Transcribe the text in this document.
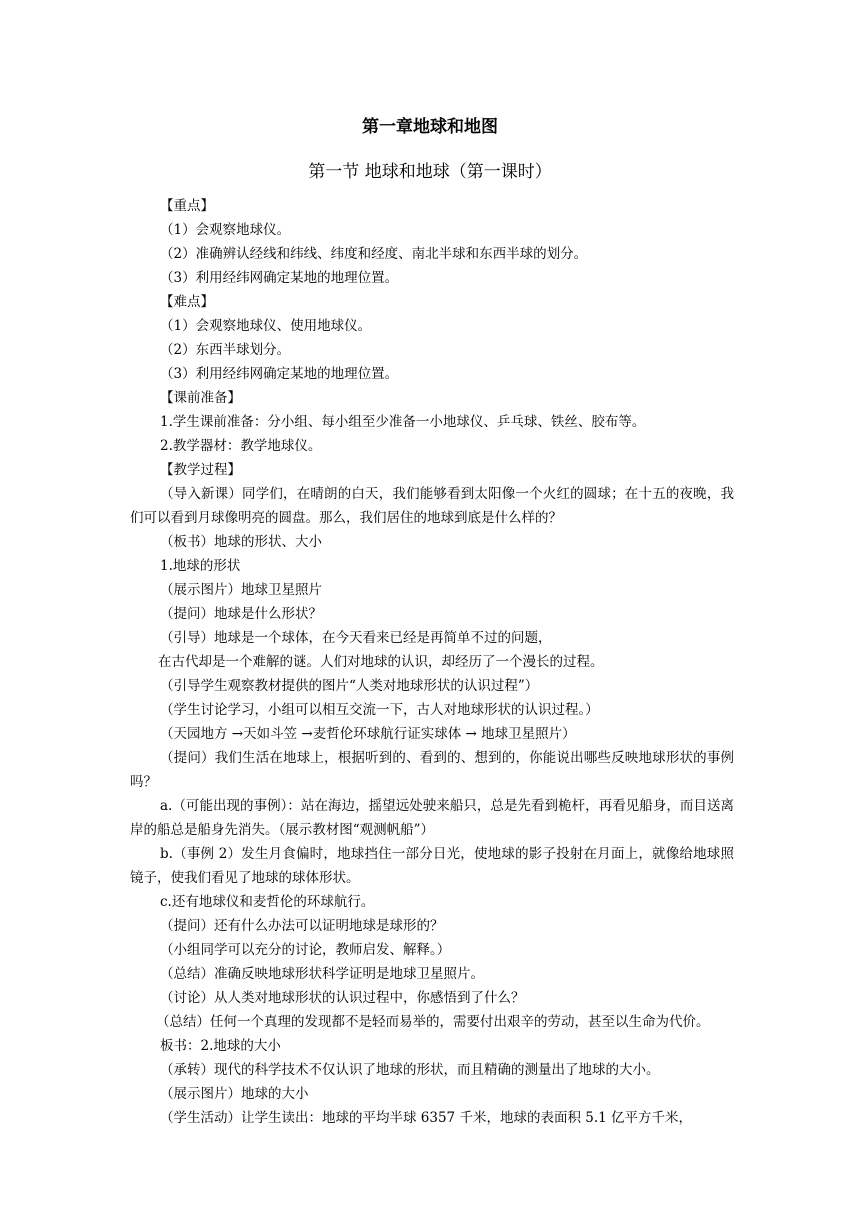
第一章地球和地图
第一节 地球和地球（第一课时）

【重点】

（1）会观察地球仪。

（2）准确辨认经线和纬线、纬度和经度、南北半球和东西半球的划分。

（3）利用经纬网确定某地的地理位置。

【难点】

（1）会观察地球仪、使用地球仪。

（2）东西半球划分。

（3）利用经纬网确定某地的地理位置。

【课前准备】

1.学生课前准备：分小组、每小组至少准备一小地球仪、乒乓球、铁丝、胶布等。

2.教学器材：教学地球仪。

【教学过程】

（导入新课）同学们，在晴朗的白天，我们能够看到太阳像一个火红的圆球；在十五的夜晚，我们可以看到月球像明亮的圆盘。那么，我们居住的地球到底是什么样的？

（板书）地球的形状、大小

1.地球的形状

（展示图片）地球卫星照片

（提问）地球是什么形状？

（引导）地球是一个球体，在今天看来已经是再简单不过的问题，

在古代却是一个难解的谜。人们对地球的认识，却经历了一个漫长的过程。

（引导学生观察教材提供的图片“人类对地球形状的认识过程”）

（学生讨论学习，小组可以相互交流一下，古人对地球形状的认识过程。）

（天园地方 →天如斗笠 →麦哲伦环球航行证实球体 → 地球卫星照片）

（提问）我们生活在地球上，根据听到的、看到的、想到的，你能说出哪些反映地球形状的事例吗？

a.（可能出现的事例）：站在海边，摇望远处驶来船只，总是先看到桅杆，再看见船身，而目送离岸的船总是船身先消失。（展示教材图“观测帆船”）

b.（事例 2）发生月食偏时，地球挡住一部分日光，使地球的影子投射在月面上，就像给地球照镜子，使我们看见了地球的球体形状。

c.还有地球仪和麦哲伦的环球航行。

（提问）还有什么办法可以证明地球是球形的？

（小组同学可以充分的讨论，教师启发、解释。）

（总结）准确反映地球形状科学证明是地球卫星照片。

（讨论）从人类对地球形状的认识过程中，你感悟到了什么？

（总结）任何一个真理的发现都不是轻而易举的，需要付出艰辛的劳动，甚至以生命为代价。

板书：2.地球的大小

（承转）现代的科学技术不仅认识了地球的形状，而且精确的测量出了地球的大小。

（展示图片）地球的大小

（学生活动）让学生读出：地球的平均半球 6357 千米，地球的表面积 5.1 亿平方千米，
